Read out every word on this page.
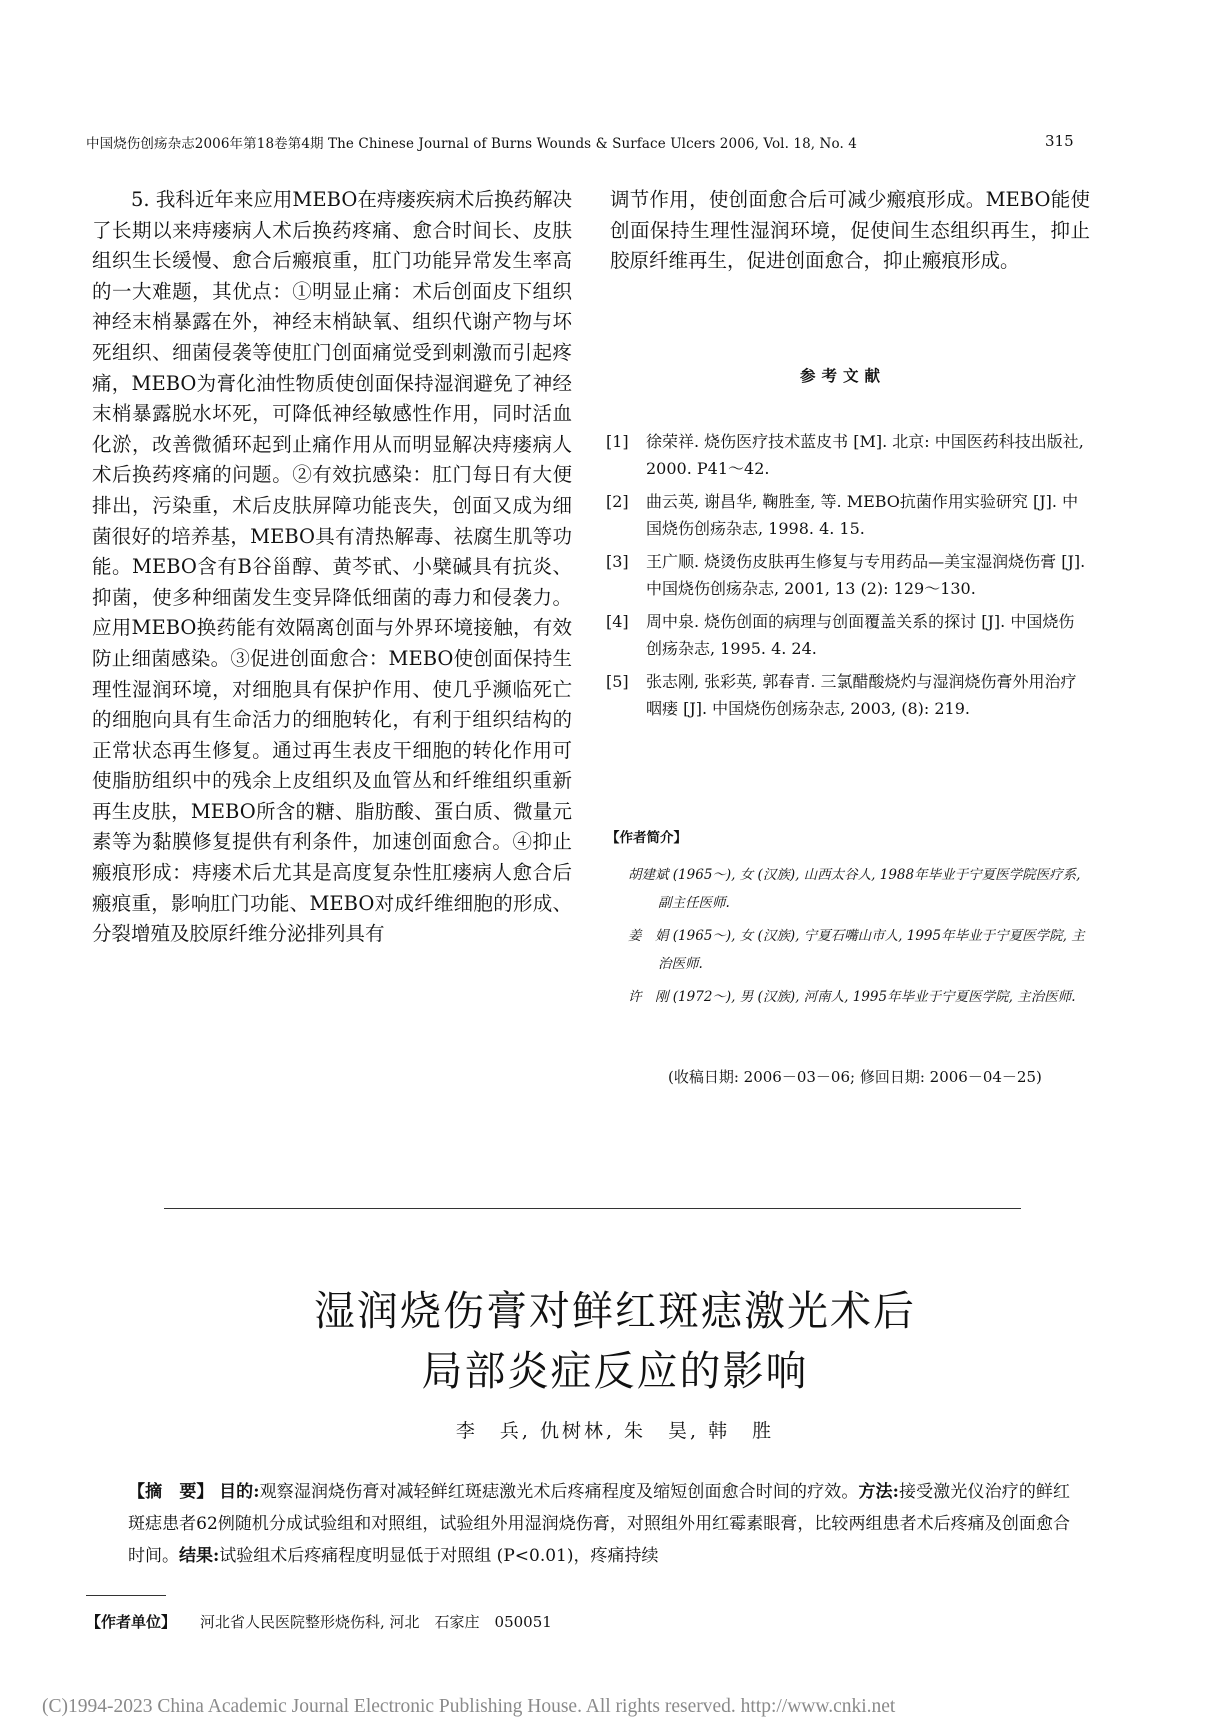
中国烧伤创疡杂志2006年第18卷第4期 The Chinese Journal of Burns Wounds & Surface Ulcers 2006, Vol. 18, No. 4	315

5. 我科近年来应用MEBO在痔瘘疾病术后换药解决了长期以来痔瘘病人术后换药疼痛、愈合时间长、皮肤组织生长缓慢、愈合后瘢痕重，肛门功能异常发生率高的一大难题，其优点：①明显止痛：术后创面皮下组织神经末梢暴露在外，神经末梢缺氧、组织代谢产物与坏死组织、细菌侵袭等使肛门创面痛觉受到刺激而引起疼痛，MEBO为膏化油性物质使创面保持湿润避免了神经末梢暴露脱水坏死，可降低神经敏感性作用，同时活血化淤，改善微循环起到止痛作用从而明显解决痔瘘病人术后换药疼痛的问题。②有效抗感染：肛门每日有大便排出，污染重，术后皮肤屏障功能丧失，创面又成为细菌很好的培养基，MEBO具有清热解毒、祛腐生肌等功能。MEBO含有B谷甾醇、黄芩甙、小檗碱具有抗炎、抑菌，使多种细菌发生变异降低细菌的毒力和侵袭力。应用MEBO换药能有效隔离创面与外界环境接触，有效防止细菌感染。③促进创面愈合：MEBO使创面保持生理性湿润环境，对细胞具有保护作用、使几乎濒临死亡的细胞向具有生命活力的细胞转化，有利于组织结构的正常状态再生修复。通过再生表皮干细胞的转化作用可使脂肪组织中的残余上皮组织及血管丛和纤维组织重新再生皮肤，MEBO所含的糖、脂肪酸、蛋白质、微量元素等为黏膜修复提供有利条件，加速创面愈合。④抑止瘢痕形成：痔瘘术后尤其是高度复杂性肛瘘病人愈合后瘢痕重，影响肛门功能、MEBO对成纤维细胞的形成、分裂增殖及胶原纤维分泌排列具有

调节作用，使创面愈合后可减少瘢痕形成。MEBO能使创面保持生理性湿润环境，促使间生态组织再生，抑止胶原纤维再生，促进创面愈合，抑止瘢痕形成。
参考文献
[1]	徐荣祥. 烧伤医疗技术蓝皮书 [M]. 北京: 中国医药科技出版社, 2000. P41～42.
[2]	曲云英, 谢昌华, 鞠胜奎, 等. MEBO抗菌作用实验研究 [J]. 中国烧伤创疡杂志, 1998. 4. 15.
[3]	王广顺. 烧烫伤皮肤再生修复与专用药品—美宝湿润烧伤膏 [J]. 中国烧伤创疡杂志, 2001, 13 (2): 129～130.
[4]	周中泉. 烧伤创面的病理与创面覆盖关系的探讨 [J]. 中国烧伤创疡杂志, 1995. 4. 24.
[5]	张志刚, 张彩英, 郭春青. 三氯醋酸烧灼与湿润烧伤膏外用治疗咽瘘 [J]. 中国烧伤创疡杂志, 2003, (8): 219.
【作者简介】
胡建斌 (1965～), 女 (汉族), 山西太谷人, 1988年毕业于宁夏医学院医疗系, 副主任医师.
姜　娟 (1965～), 女 (汉族), 宁夏石嘴山市人, 1995年毕业于宁夏医学院, 主治医师.
许　刚 (1972～), 男 (汉族), 河南人, 1995年毕业于宁夏医学院, 主治医师.
(收稿日期: 2006－03－06; 修回日期: 2006－04－25)
湿润烧伤膏对鲜红斑痣激光术后
局部炎症反应的影响
李　兵, 仇树林, 朱　昊, 韩　胜
【摘　要】 目的:观察湿润烧伤膏对减轻鲜红斑痣激光术后疼痛程度及缩短创面愈合时间的疗效。方法:接受激光仪治疗的鲜红斑痣患者62例随机分成试验组和对照组，试验组外用湿润烧伤膏，对照组外用红霉素眼膏，比较两组患者术后疼痛及创面愈合时间。结果:试验组术后疼痛程度明显低于对照组 (P<0.01)，疼痛持续
【作者单位】 河北省人民医院整形烧伤科, 河北　石家庄　050051
(C)1994-2023 China Academic Journal Electronic Publishing House. All rights reserved. http://www.cnki.net
